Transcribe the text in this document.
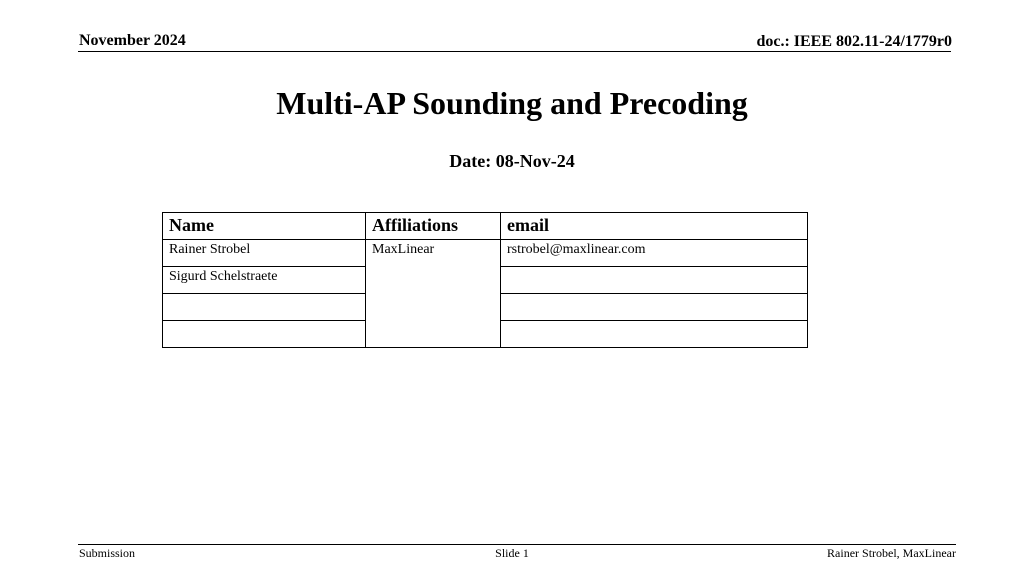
November 2024	doc.: IEEE 802.11-24/1779r0
Multi-AP Sounding and Precoding
Date: 08-Nov-24
Name	Affiliations	email
Rainer Strobel	MaxLinear	rstrobel@maxlinear.com
Sigurd Schelstraete		

Submission	Slide 1	Rainer Strobel, MaxLinear
